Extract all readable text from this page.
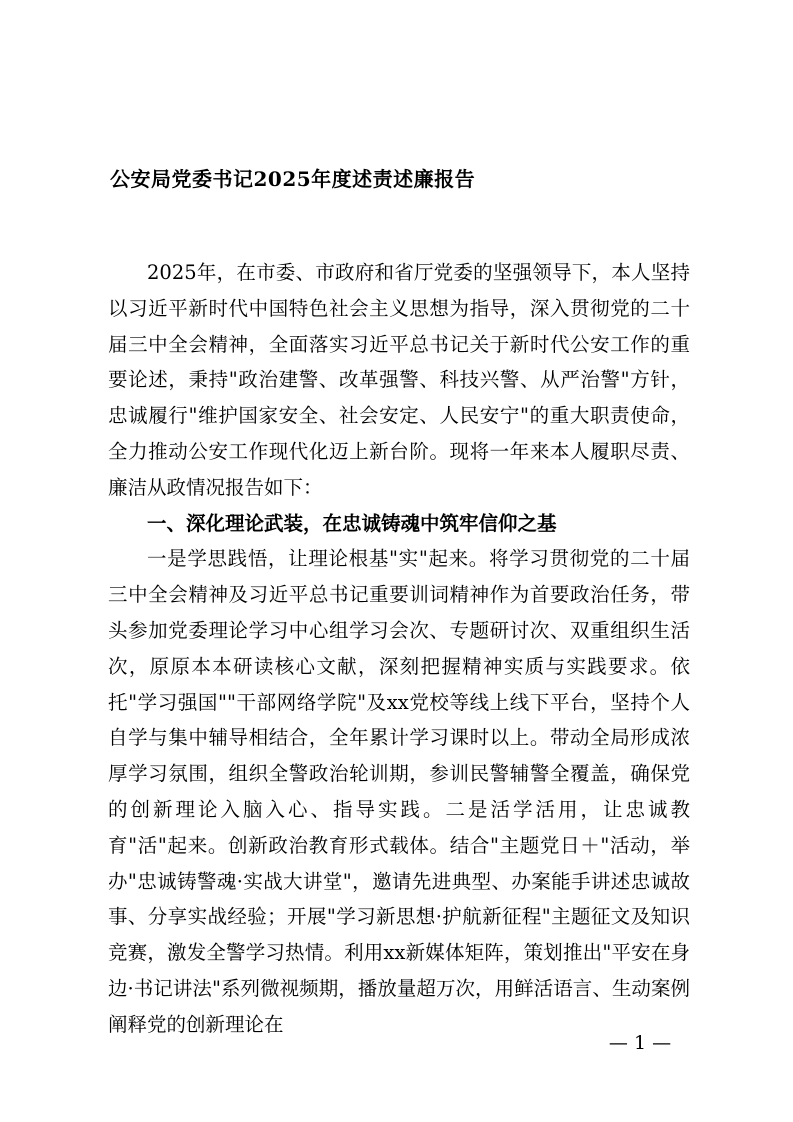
公安局党委书记2025年度述责述廉报告

2025年，在市委、市政府和省厅党委的坚强领导下，本人坚持以习近平新时代中国特色社会主义思想为指导，深入贯彻党的二十届三中全会精神，全面落实习近平总书记关于新时代公安工作的重要论述，秉持"政治建警、改革强警、科技兴警、从严治警"方针，忠诚履行"维护国家安全、社会安定、人民安宁"的重大职责使命，全力推动公安工作现代化迈上新台阶。现将一年来本人履职尽责、廉洁从政情况报告如下：

一、深化理论武装，在忠诚铸魂中筑牢信仰之基

一是学思践悟，让理论根基"实"起来。将学习贯彻党的二十届三中全会精神及习近平总书记重要训词精神作为首要政治任务，带头参加党委理论学习中心组学习会次、专题研讨次、双重组织生活次，原原本本研读核心文献，深刻把握精神实质与实践要求。依托"学习强国""干部网络学院"及xx党校等线上线下平台，坚持个人自学与集中辅导相结合，全年累计学习课时以上。带动全局形成浓厚学习氛围，组织全警政治轮训期，参训民警辅警全覆盖，确保党的创新理论入脑入心、指导实践。二是活学活用，让忠诚教育"活"起来。创新政治教育形式载体。结合"主题党日＋"活动，举办"忠诚铸警魂·实战大讲堂"，邀请先进典型、办案能手讲述忠诚故事、分享实战经验；开展"学习新思想·护航新征程"主题征文及知识竞赛，激发全警学习热情。利用xx新媒体矩阵，策划推出"平安在身边·书记讲法"系列微视频期，播放量超万次，用鲜活语言、生动案例阐释党的创新理论在

— 1 —
